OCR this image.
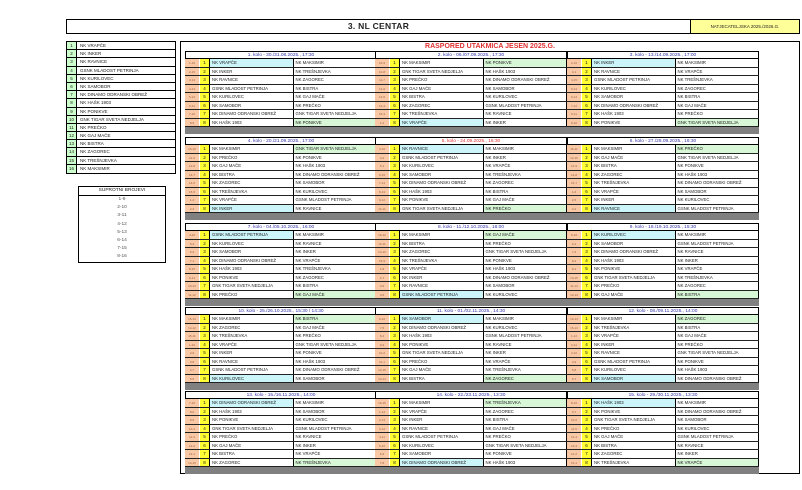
3. NL CENTAR	NATJECATELJSKA 2025./2026.G.
1	NK VRAPČE
2	NK INKER
3	NK RAVNICE
4	GSNK MLADOST PETRINJA
5	NK KURILOVEC
6	NK SAMOBOR
7	NK DINAMO ODRANSKI OBREŽ
8	NK HAŠK 1903
9	NK PONIKVE
10	GNK TIGAR SVETA NEDJELJA
11	NK PREČKO
12	NK GAJ MAČE
13	NK BISTRA
14	NK ZAGOREC
15	NK TREŠNJEVKA
16	NK MAKSIMIR
SUPROTNI BROJEVI
1-9
2-10
3-11
4-12
5-13
6-14
7-15
8-16
RASPORED UTAKMICA JESEN 2025.G.
1. kolo - 30./31.08.2025., 17:30
1-16	1	NK VRAPČE	NK MAKSIMIR
2-15	2	NK INKER	NK TREŠNJEVKA
3-14	3	NK RAVNICE	NK ZAGOREC
4-13	4	GSNK MLADOST PETRINJA	NK BISTRA
5-12	5	NK KURILOVEC	NK GAJ MAČE
6-11	6	NK SAMOBOR	NK PREČKO
7-10	7	NK DINAMO ODRANSKI OBREŽ	GNK TIGAR SVETA NEDJELJA
8-9	8	NK HAŠK 1903	NK PONIKVE
2. kolo - 06./07.09.2025., 17:30
16-9	1	NK MAKSIMIR	NK PONIKVE
10-8	2	GNK TIGAR SVETA NEDJELJA	NK HAŠK 1903
11-7	3	NK PREČKO	NK DINAMO ODRANSKI OBREŽ
12-6	4	NK GAJ MAČE	NK SAMOBOR
13-5	5	NK BISTRA	NK KURILOVEC
14-4	6	NK ZAGOREC	GSNK MLADOST PETRINJA
15-3	7	NK TREŠNJEVKA	NK RAVNICE
1-2	8	NK VRAPČE	NK INKER
3. kolo - 13./14.09.2025., 17:00
2-16	1	NK INKER	NK MAKSIMIR
3-1	2	NK RAVNICE	NK VRAPČE
4-15	3	GSNK MLADOST PETRINJA	NK TREŠNJEVKA
5-14	4	NK KURILOVEC	NK ZAGOREC
6-13	5	NK SAMOBOR	NK BISTRA
7-12	6	NK DINAMO ODRANSKI OBREŽ	NK GAJ MAČE
8-11	7	NK HAŠK 1903	NK PREČKO
9-10	8	NK PONIKVE	GNK TIGAR SVETA NEDJELJA
4. kolo - 20./21.09.2025., 17:00
16-10	1	NK MAKSIMIR	GNK TIGAR SVETA NEDJELJA
11-9	2	NK PREČKO	NK PONIKVE
12-8	3	NK GAJ MAČE	NK HAŠK 1903
13-7	4	NK BISTRA	NK DINAMO ODRANSKI OBREŽ
14-6	5	NK ZAGOREC	NK SAMOBOR
15-5	6	NK TREŠNJEVKA	NK KURILOVEC
1-4	7	NK VRAPČE	GSNK MLADOST PETRINJA
2-3	8	NK INKER	NK RAVNICE
5. kolo - 24.09.2025., 16:30
3-16	1	NK RAVNICE	NK MAKSIMIR
4-2	2	GSNK MLADOST PETRINJA	NK INKER
5-1	3	NK KURILOVEC	NK VRAPČE
6-15	4	NK SAMOBOR	NK TREŠNJEVKA
7-14	5	NK DINAMO ODRANSKI OBREŽ	NK ZAGOREC
8-13	6	NK HAŠK 1903	NK BISTRA
9-12	7	NK PONIKVE	NK GAJ MAČE
10-11	8	GNK TIGAR SVETA NEDJELJA	NK PREČKO
6. kolo - 27./28.09.2025., 16:30
16-11	1	NK MAKSIMIR	NK PREČKO
12-10	2	NK GAJ MAČE	GNK TIGAR SVETA NEDJELJA
13-9	3	NK BISTRA	NK PONIKVE
14-8	4	NK ZAGOREC	NK HAŠK 1903
15-7	5	NK TREŠNJEVKA	NK DINAMO ODRANSKI OBREŽ
1-6	6	NK VRAPČE	NK SAMOBOR
2-5	7	NK INKER	NK KURILOVEC
3-4	8	NK RAVNICE	GSNK MLADOST PETRINJA
7. kolo - 04./05.10.2025., 16:00
4-16	1	GSNK MLADOST PETRINJA	NK MAKSIMIR
5-3	2	NK KURILOVEC	NK RAVNICE
6-2	3	NK SAMOBOR	NK INKER
7-1	4	NK DINAMO ODRANSKI OBREŽ	NK VRAPČE
8-15	5	NK HAŠK 1903	NK TREŠNJEVKA
9-14	6	NK PONIKVE	NK ZAGOREC
10-13	7	GNK TIGAR SVETA NEDJELJA	NK BISTRA
11-12	8	NK PREČKO	NK GAJ MAČE
8. kolo - 11./12.10.2025., 16:00
16-12	1	NK MAKSIMIR	NK GAJ MAČE
13-11	2	NK BISTRA	NK PREČKO
14-10	3	NK ZAGOREC	GNK TIGAR SVETA NEDJELJA
15-9	4	NK TREŠNJEVKA	NK PONIKVE
1-8	5	NK VRAPČE	NK HAŠK 1903
2-7	6	NK INKER	NK DINAMO ODRANSKI OBREŽ
3-6	7	NK RAVNICE	NK SAMOBOR
4-5	8	GSNK MLADOST PETRINJA	NK KURILOVEC
9. kolo - 18./19.10.2025., 15:30
5-16	1	NK KURILOVEC	NK MAKSIMIR
6-4	2	NK SAMOBOR	GSNK MLADOST PETRINJA
7-3	3	NK DINAMO ODRANSKI OBREŽ	NK RAVNICE
8-2	4	NK HAŠK 1903	NK INKER
9-1	5	NK PONIKVE	NK VRAPČE
10-15	6	GNK TIGAR SVETA NEDJELJA	NK TREŠNJEVKA
11-14	7	NK PREČKO	NK ZAGOREC
12-13	8	NK GAJ MAČE	NK BISTRA
10. kolo - 25./26.10.2025., 15:30 / 14:30
16-13	1	NK MAKSIMIR	NK BISTRA
14-12	2	NK ZAGOREC	NK GAJ MAČE
15-11	3	NK TREŠNJEVKA	NK PREČKO
1-10	4	NK VRAPČE	GNK TIGAR SVETA NEDJELJA
2-9	5	NK INKER	NK PONIKVE
3-8	6	NK RAVNICE	NK HAŠK 1903
4-7	7	GSNK MLADOST PETRINJA	NK DINAMO ODRANSKI OBREŽ
5-6	8	NK KURILOVEC	NK SAMOBOR
11. kolo - 01./02.11.2025., 14:30
6-16	1	NK SAMOBOR	NK MAKSIMIR
7-5	2	NK DINAMO ODRANSKI OBREŽ	NK KURILOVEC
8-4	3	NK HAŠK 1903	GSNK MLADOST PETRINJA
9-3	4	NK PONIKVE	NK RAVNICE
10-2	5	GNK TIGAR SVETA NEDJELJA	NK INKER
11-1	6	NK PREČKO	NK VRAPČE
12-15	7	NK GAJ MAČE	NK TREŠNJEVKA
13-14	8	NK BISTRA	NK ZAGOREC
12. kolo - 08./09.11.2025., 14:00
16-14	1	NK MAKSIMIR	NK ZAGOREC
15-13	2	NK TREŠNJEVKA	NK BISTRA
1-12	3	NK VRAPČE	NK GAJ MAČE
2-11	4	NK INKER	NK PREČKO
3-10	5	NK RAVNICE	GNK TIGAR SVETA NEDJELJA
4-9	6	GSNK MLADOST PETRINJA	NK PONIKVE
5-8	7	NK KURILOVEC	NK HAŠK 1903
6-7	8	NK SAMOBOR	NK DINAMO ODRANSKI OBREŽ
13. kolo - 15./16.11.2025., 14:00
7-16	1	NK DINAMO ODRANSKI OBREŽ	NK MAKSIMIR
8-6	2	NK HAŠK 1903	NK SAMOBOR
9-5	3	NK PONIKVE	NK KURILOVEC
10-4	4	GNK TIGAR SVETA NEDJELJA	GSNK MLADOST PETRINJA
11-3	5	NK PREČKO	NK RAVNICE
12-2	6	NK GAJ MAČE	NK INKER
13-1	7	NK BISTRA	NK VRAPČE
14-15	8	NK ZAGOREC	NK TREŠNJEVKA
14. kolo - 22./23.11.2025., 13:30
16-15	1	NK MAKSIMIR	NK TREŠNJEVKA
1-14	2	NK VRAPČE	NK ZAGOREC
2-13	3	NK INKER	NK BISTRA
3-12	4	NK RAVNICE	NK GAJ MAČE
4-11	5	GSNK MLADOST PETRINJA	NK PREČKO
5-10	6	NK KURILOVEC	GNK TIGAR SVETA NEDJELJA
6-9	7	NK SAMOBOR	NK PONIKVE
7-8	8	NK DINAMO ODRANSKI OBREŽ	NK HAŠK 1903
15. kolo - 29./30.11.2025., 13:30
8-16	1	NK HAŠK 1903	NK MAKSIMIR
9-7	2	NK PONIKVE	NK DINAMO ODRANSKI OBREŽ
10-6	3	GNK TIGAR SVETA NEDJELJA	NK SAMOBOR
11-5	4	NK PREČKO	NK KURILOVEC
12-4	5	NK GAJ MAČE	GSNK MLADOST PETRINJA
13-3	6	NK BISTRA	NK RAVNICE
14-2	7	NK ZAGOREC	NK INKER
15-1	8	NK TREŠNJEVKA	NK VRAPČE
